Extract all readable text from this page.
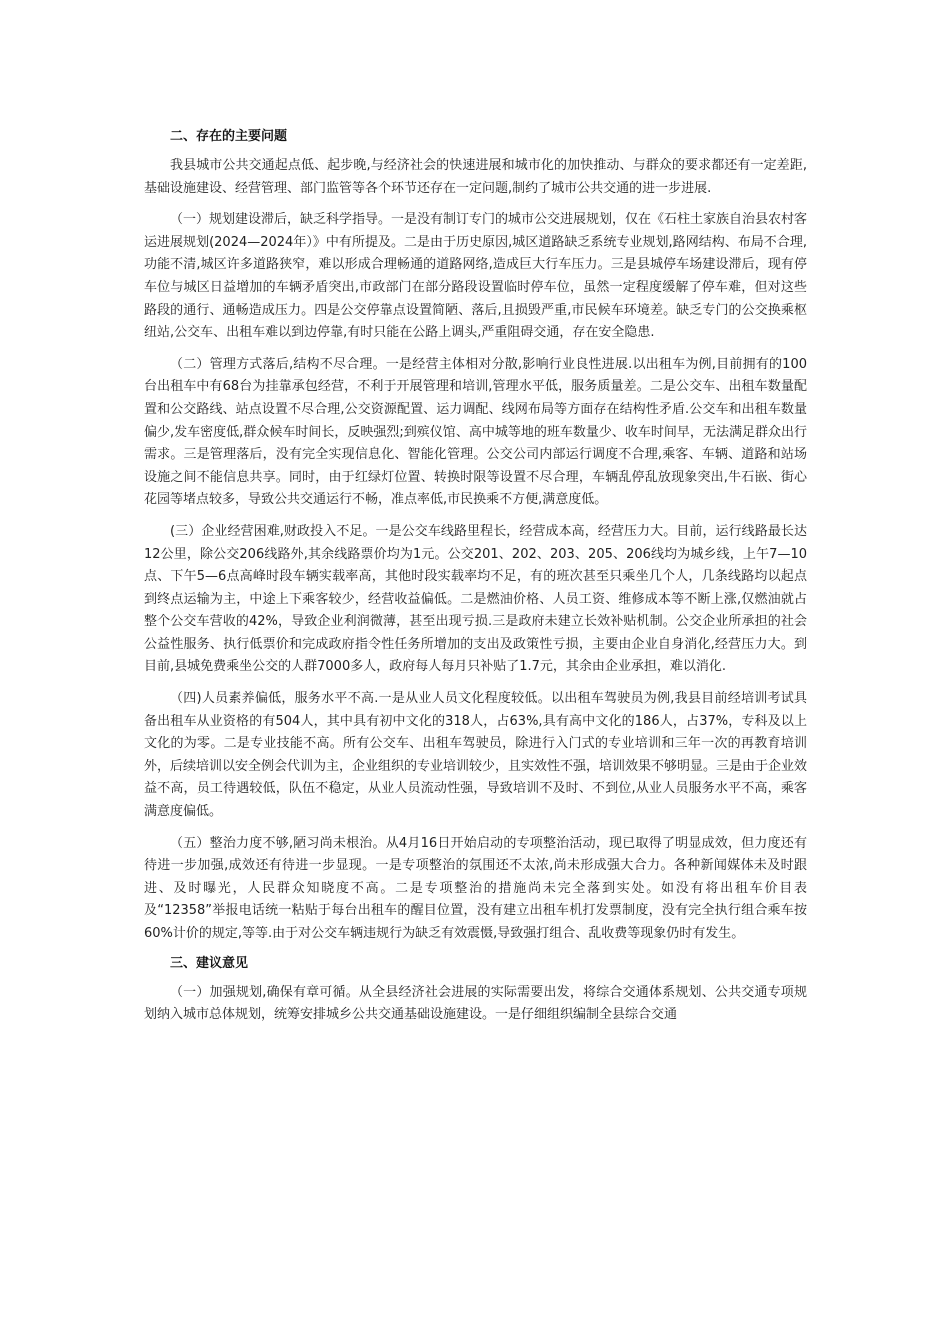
二、存在的主要问题

我县城市公共交通起点低、起步晚,与经济社会的快速进展和城市化的加快推动、与群众的要求都还有一定差距,基础设施建设、经营管理、部门监管等各个环节还存在一定问题,制约了城市公共交通的进一步进展.

（一）规划建设滞后，缺乏科学指导。一是没有制订专门的城市公交进展规划，仅在《石柱土家族自治县农村客运进展规划(2024—2024年）》中有所提及。二是由于历史原因,城区道路缺乏系统专业规划,路网结构、布局不合理,功能不清,城区许多道路狭窄，难以形成合理畅通的道路网络,造成巨大行车压力。三是县城停车场建设滞后，现有停车位与城区日益增加的车辆矛盾突出,市政部门在部分路段设置临时停车位，虽然一定程度缓解了停车难，但对这些路段的通行、通畅造成压力。四是公交停靠点设置简陋、落后,且损毁严重,市民候车环境差。缺乏专门的公交换乘枢纽站,公交车、出租车难以到边停靠,有时只能在公路上调头,严重阻碍交通，存在安全隐患.

（二）管理方式落后,结构不尽合理。一是经营主体相对分散,影响行业良性进展.以出租车为例,目前拥有的100台出租车中有68台为挂靠承包经营，不利于开展管理和培训,管理水平低，服务质量差。二是公交车、出租车数量配置和公交路线、站点设置不尽合理,公交资源配置、运力调配、线网布局等方面存在结构性矛盾.公交车和出租车数量偏少,发车密度低,群众候车时间长，反映强烈;到殡仪馆、高中城等地的班车数量少、收车时间早，无法满足群众出行需求。三是管理落后，没有完全实现信息化、智能化管理。公交公司内部运行调度不合理,乘客、车辆、道路和站场设施之间不能信息共享。同时，由于红绿灯位置、转换时限等设置不尽合理，车辆乱停乱放现象突出,牛石嵌、街心花园等堵点较多，导致公共交通运行不畅，准点率低,市民换乘不方便,满意度低。

(三）企业经营困难,财政投入不足。一是公交车线路里程长，经营成本高，经营压力大。目前，运行线路最长达12公里，除公交206线路外,其余线路票价均为1元。公交201、202、203、205、206线均为城乡线，上午7—10点、下午5—6点高峰时段车辆实载率高，其他时段实载率均不足，有的班次甚至只乘坐几个人，几条线路均以起点到终点运输为主，中途上下乘客较少，经营收益偏低。二是燃油价格、人员工资、维修成本等不断上涨,仅燃油就占整个公交车营收的42%，导致企业利润微薄，甚至出现亏损.三是政府未建立长效补贴机制。公交企业所承担的社会公益性服务、执行低票价和完成政府指令性任务所增加的支出及政策性亏损，主要由企业自身消化,经营压力大。到目前,县城免费乘坐公交的人群7000多人，政府每人每月只补贴了1.7元，其余由企业承担，难以消化.

（四)人员素养偏低，服务水平不高.一是从业人员文化程度较低。以出租车驾驶员为例,我县目前经培训考试具备出租车从业资格的有504人，其中具有初中文化的318人，占63%,具有高中文化的186人，占37%，专科及以上文化的为零。二是专业技能不高。所有公交车、出租车驾驶员，除进行入门式的专业培训和三年一次的再教育培训外，后续培训以安全例会代训为主，企业组织的专业培训较少，且实效性不强，培训效果不够明显。三是由于企业效益不高，员工待遇较低，队伍不稳定，从业人员流动性强，导致培训不及时、不到位,从业人员服务水平不高，乘客满意度偏低。

（五）整治力度不够,陋习尚未根治。从4月16日开始启动的专项整治活动，现已取得了明显成效，但力度还有待进一步加强,成效还有待进一步显现。一是专项整治的氛围还不太浓,尚未形成强大合力。各种新闻媒体未及时跟进、及时曝光，人民群众知晓度不高。二是专项整治的措施尚未完全落到实处。如没有将出租车价目表及“12358”举报电话统一粘贴于每台出租车的醒目位置，没有建立出租车机打发票制度，没有完全执行组合乘车按60%计价的规定,等等.由于对公交车辆违规行为缺乏有效震慑,导致强打组合、乱收费等现象仍时有发生。

三、建议意见

（一）加强规划,确保有章可循。从全县经济社会进展的实际需要出发，将综合交通体系规划、公共交通专项规划纳入城市总体规划，统筹安排城乡公共交通基础设施建设。一是仔细组织编制全县综合交通
